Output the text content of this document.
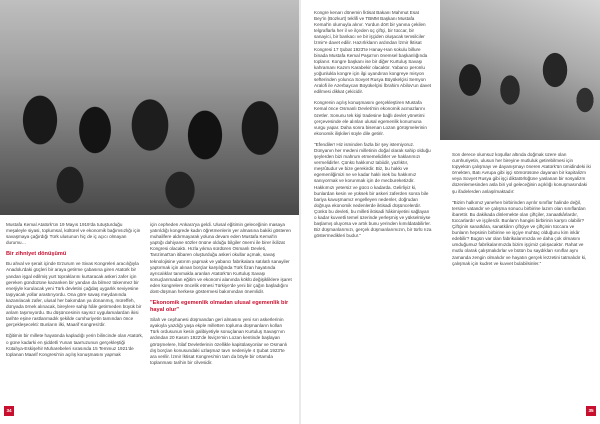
Mustafa Kemal Atatürk'ün 19 Mayıs 1919'da tutuşturduğu meşaleyle siyasi, toplumsal, kültürel ve ekonomik bağımsızlığı için savaşmaya çağırdığı Türk ulusunun hiç de iç açıcı olmayan durumu…

Bir zihniyet dönüşümü

Bu ahval ve şerait içinde Erzurum ve Sivas Kongreleri aracılığıyla Anadolu'daki güçleri bir araya getirme çabasına giren Atatürk bir yandan işgal edilmiş yurt topraklarını kurtaracak askeri zafer için gereken gündüzüne kazanken bir yandan da bilmez tükenmez bir enerjiyle kurulacak yeni Türk devletini çağdaş uygarlık seviyesine taşıyacak yollar arastırıyordu. Ona göre savaş meydanında kazanılacak zafer, ulusal her bakımdan ya donanmış, müreffeh, dünyada örnek alınacak, bireylere sahip hâle getirmeden büyük bir anlam taşımıyordu. Bu düşüncesinin sayısız uygulamalardan ikisi tarihte eşine rastlanmadık şekilde cumhuriyetin tamından önce gerçekleşecekti: Bunların ilki, Maarif Kongresi'dir.

Eğitimin bir millete hayatında kapladığı yerin bilincinde olan Atatürk, o güne kadarki en şiddetli Yunan taarruzunun gerçekleştiği Kütahya-Eskişehir Muharebeleri sırasında 15 Temmuz 1921'de toplanan Maarif Kongresi'nin açılış konuşmasını yapmak

için cepheden Ankara'ya geldi. Ulusal eğitimin geleceğinin masaya yatırıldığı kongrede kadın öğretmenlerin yer almasına bakiki gösteren muhalifere aldırmayarak yoluna devam eden Mustafa Kemal'in yaptığı dahiyane sözler önüne olduğu bilgiler önemi ile birer ikilizat Kongresi olacaktı. Hızla yıkma sürdüren Osmanlı Devleti, Tanzimat'tan itibaren oluşturduğu askeri okullar açmak, savaş teknolojisine yatırım yapmak ve yabancı fabrikalara satılatlı sanayiler yaptırmak için alınan borçlar karşılığında Türk fizan hayatında ayrıcalıklar tanımakla aranları Atatürk'ün Kurtuluş Savaşı sonuçlanmadan eğitim ve ekonomi alanında köklü değişikliklere işaret eden kongrelere öncelik etmesi Türkiye'de yeni bir çağın başladığını dost-düşman herkese göstermesi bakımından önemlidir.

"Ekonomik egemenlik olmadan ulusal egemenlik bir hayal olur"

Silah ve cephanesi düşmandan geri almasını yeni sırı askerlerinin ayakıyla yazdığı yaşa ekple milletten topluma düşmanların kolları Türk ordusunun kesin galibiyetiyle sonuçlanan Kurtuluş Savaşı'nın ardından 20 Kasım 1922'de İsviçre'nin Lozan kentinde başlayan görüşmelere, İtilaf Devletlerinin özellikle kapitülasyonlar ve Osmanlı dış borçlan konusundaki uzlaşmaz tavrı nedeniyle 4 Şubat 1923'te ara verilir. İzmir İktisat Kongresi'nin tam da böyle bir ortamda toplanması tarihin bir cilvesidir.

Kongre kenarı dönemin İktisat Bakanı Mahmut Esat Bey'in (Bozkurt) teklifi ve TBMM Başkanı Mustafa Kemal'in olumuyla alınır. Yurdun dört bir yanına çekilen telgraflarla her il ve ilçeden üç çiftçi, bir tüccar, bir sanayici, bir bankacı ve bir işçiden oluşacak temsilciler İzmir'e davet edilir. Hazırlıkların ardından İzmir İktisat Kongresi 17 Şubat 1923'te Hanay-Han sokulu billure binada Mustafa Kemal Paşa'nın önemsel başkanlığında toplanır. Kongre başkanı ise bir diğer Kurtuluş Savaşı kahramanı Kazım Karabekir olacaktır. Yabancı peronlu yoğunlukla kongre için ilgi uyandıran kongreye misyon sefterinden yolunca Sovyet Rusya Büyükelçisi Semyon Aralofi ile Azerbaycan Büyükelçisi İbrahim Abilov'un davet edilmesi dikkat çekicidir.

Kongrenin açılış konuşmasını gerçekleştiren Mustafa Kemal önce Osmanlı Devleti'nin ekonomik acmazlarını özetler. Sonunu tek kişi tradesine bağlı devlet yönetimi çerçevesinde ele alınlan ulusal egemenlik konumuna vurgu yapar. Daha sonra bisenan Lozan görüşmelerinin ekonomik ilişkileri süyle dile getirir.

"Efendiler! Hiz isminden fazla bir şey istemiyoruz. Dünyanın her medeni milletinin doğal olarak sahip olduğu şeylerden bizi mahrum etmemelidirler ve haklarımızı vermelidirler. Çünkü hakkımız tabiidir, yazlıktır, meşrûtudur ve bize gerekirdir. Biz, bu hakkı ve egemenliğimizi ne ve kadar haklı isek bu hakkımız sanıyormak ve korunmak için de mecbureketizdir. Hakkımızı yetersiz ve gücü o kadarda. Gelirliyiz ki, bunlardan kesin ve yüksek bir askeri zaferden sonra bile bariya kavuşmamız engelleyen nedenler, doğrudan doğruya ekonomik nedenlerde iktisadi düşüncelerdir. Çünkü bu devleti, bu milleti iktisadi hâkimiyetini sağlayan o kadar kuvvetli temel üzerinde yerleşmiş ve yükselmiyse başlamış oluyorsa ve artık bunu yerinden kımıldatabilirler. Biz düşmanlarımızı, gerçek düşmanlarımızın, bir türlü rıza göstermedikleri budur."

Son derece olumsuz koşullar altında doğmak üzere olan cumhuriyetin, ulusun her bireyine mutluluk getirebilmesi için topyekün çalışmayı ve dayanışmayı öneren Atatürk'ün ümidindeki iki örnekten, Batı Avrupa gibi işçi sömürüsüne dayanan bir kapitalizm veya Sovyet Rusya gibi işçi diktatörlüğüne yaslanan bir sosyalizm düzenlemesinden asla biri yol geleceğinin açıklığı konuşmasındaki şu ifadelerden anlaşılmaktadır:

"Bizim halkımız yanehen birbirinden ayrılır sınıflar halinde değil, tersine vatandır ve çalışma sonucu birbirine lazım olan sınıflardan ibarettir. Bu dakikada dinlemekte olan çiftçiler, zanaatkârlardır, tüccarlardır ve işçilerdir. Bunların hangisi birbirinin karşıtı olabilir? Çiftçinin sanatkâra, sanatkârın çiftçiye ve çiftçinin tüccara ve bunların hepsinin birbirine ve işçiye muhtaç olduğunu kim inkâr edebilir? Bugün var olan fabrikalarımızda ve daha çok olmasını umduğumuz fabrikalarımızda bizim işçimiz çalışacaktır. Rahat ve mutlu olarak çalışmalıdırlar ve bütün bu saydıkları sınıflar aynı zamanda zengin olmalıdır ve hayatın gerçek lezzetini tatmalıdır ki, çalışmak için kudret ve kuvvet bulabilsinler."

34	35
